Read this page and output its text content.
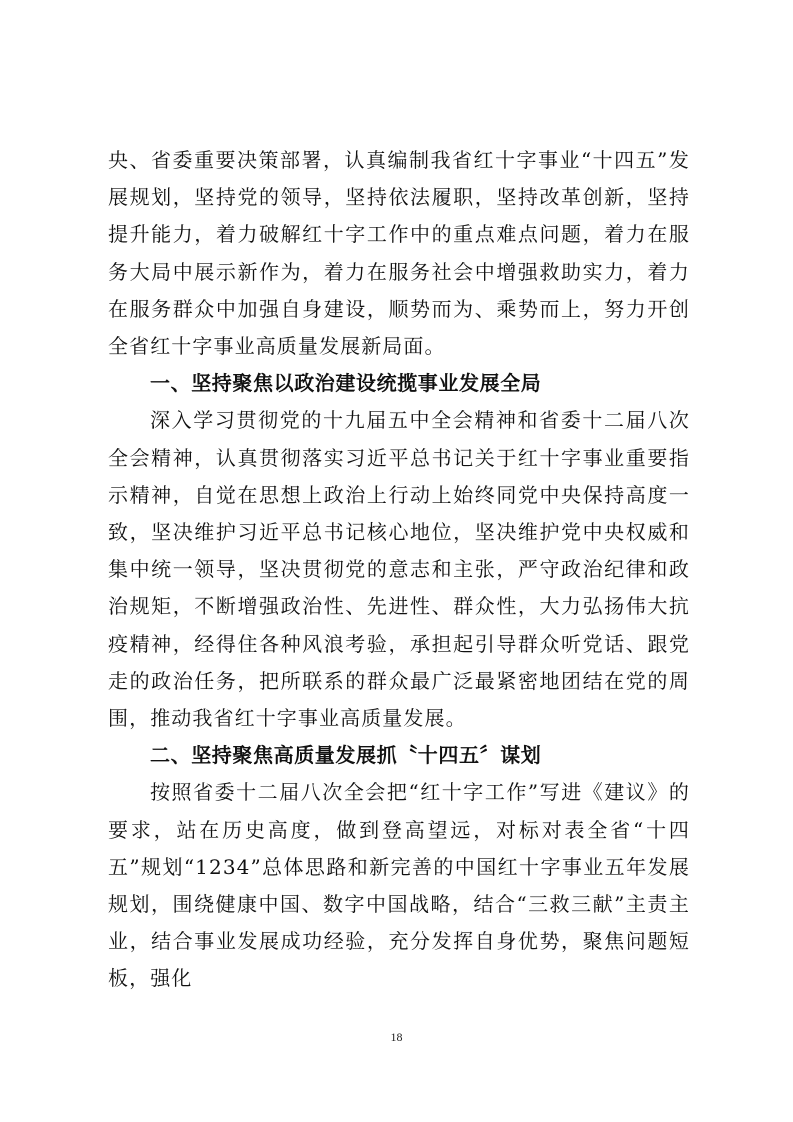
央、省委重要决策部署，认真编制我省红十字事业“十四五”发展规划，坚持党的领导，坚持依法履职，坚持改革创新，坚持提升能力，着力破解红十字工作中的重点难点问题，着力在服务大局中展示新作为，着力在服务社会中增强救助实力，着力在服务群众中加强自身建设，顺势而为、乘势而上，努力开创全省红十字事业高质量发展新局面。

一、坚持聚焦以政治建设统揽事业发展全局

深入学习贯彻党的十九届五中全会精神和省委十二届八次全会精神，认真贯彻落实习近平总书记关于红十字事业重要指示精神，自觉在思想上政治上行动上始终同党中央保持高度一致，坚决维护习近平总书记核心地位，坚决维护党中央权威和集中统一领导，坚决贯彻党的意志和主张，严守政治纪律和政治规矩，不断增强政治性、先进性、群众性，大力弘扬伟大抗疫精神，经得住各种风浪考验，承担起引导群众听党话、跟党走的政治任务，把所联系的群众最广泛最紧密地团结在党的周围，推动我省红十字事业高质量发展。

二、坚持聚焦高质量发展抓〝十四五〞谋划

按照省委十二届八次全会把“红十字工作”写进《建议》的要求，站在历史高度，做到登高望远，对标对表全省“十四五”规划“1234”总体思路和新完善的中国红十字事业五年发展规划，围绕健康中国、数字中国战略，结合“三救三献”主责主业，结合事业发展成功经验，充分发挥自身优势，聚焦问题短板，强化

18
